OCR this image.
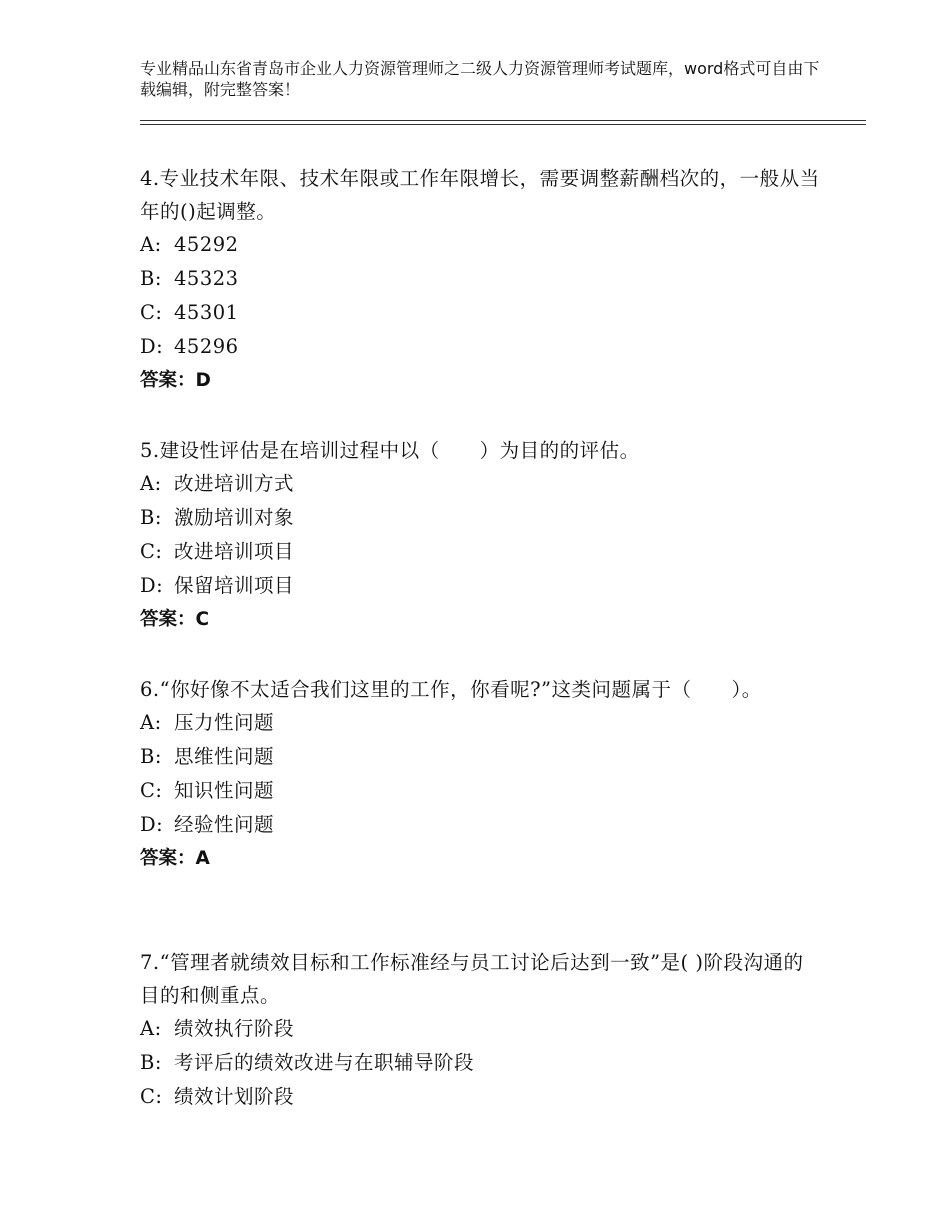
专业精品山东省青岛市企业人力资源管理师之二级人力资源管理师考试题库，word格式可自由下载编辑，附完整答案！
4.专业技术年限、技术年限或工作年限增长，需要调整薪酬档次的，一般从当年的()起调整。
A: 45292
B: 45323
C: 45301
D: 45296
答案：D
5.建设性评估是在培训过程中以（　　）为目的的评估。
A: 改进培训方式
B: 激励培训对象
C: 改进培训项目
D: 保留培训项目
答案：C
6.“你好像不太适合我们这里的工作，你看呢?”这类问题属于（　　）。
A: 压力性问题
B: 思维性问题
C: 知识性问题
D: 经验性问题
答案：A
7.“管理者就绩效目标和工作标准经与员工讨论后达到一致”是( )阶段沟通的目的和侧重点。
A: 绩效执行阶段
B: 考评后的绩效改进与在职辅导阶段
C: 绩效计划阶段
